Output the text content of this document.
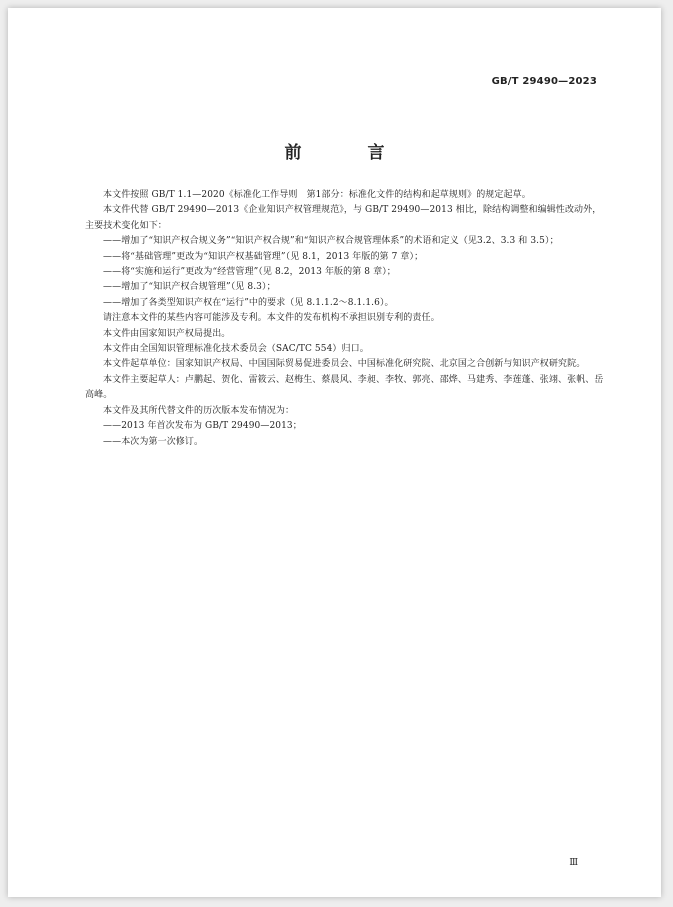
GB/T 29490—2023
前 言

本文件按照 GB/T 1.1—2020《标准化工作导则　第1部分：标准化文件的结构和起草规则》的规定起草。

本文件代替 GB/T 29490—2013《企业知识产权管理规范》，与 GB/T 29490—2013 相比，除结构调整和编辑性改动外，主要技术变化如下：

——增加了“知识产权合规义务”“知识产权合规”和“知识产权合规管理体系”的术语和定义（见3.2、3.3 和 3.5）；

——将“基础管理”更改为“知识产权基础管理”（见 8.1，2013 年版的第 7 章）；

——将“实施和运行”更改为“经营管理”（见 8.2，2013 年版的第 8 章）；

——增加了“知识产权合规管理”（见 8.3）；

——增加了各类型知识产权在“运行”中的要求（见 8.1.1.2～8.1.1.6）。

请注意本文件的某些内容可能涉及专利。本文件的发布机构不承担识别专利的责任。

本文件由国家知识产权局提出。

本文件由全国知识管理标准化技术委员会（SAC/TC 554）归口。

本文件起草单位：国家知识产权局、中国国际贸易促进委员会、中国标准化研究院、北京国之合创新与知识产权研究院。

本文件主要起草人：卢鹏起、贺化、雷筱云、赵梅生、蔡晨风、李昶、李牧、郭亮、邵烨、马建秀、李莲蓬、张翊、张帆、岳高峰。

本文件及其所代替文件的历次版本发布情况为：

——2013 年首次发布为 GB/T 29490—2013；

——本次为第一次修订。

Ⅲ
